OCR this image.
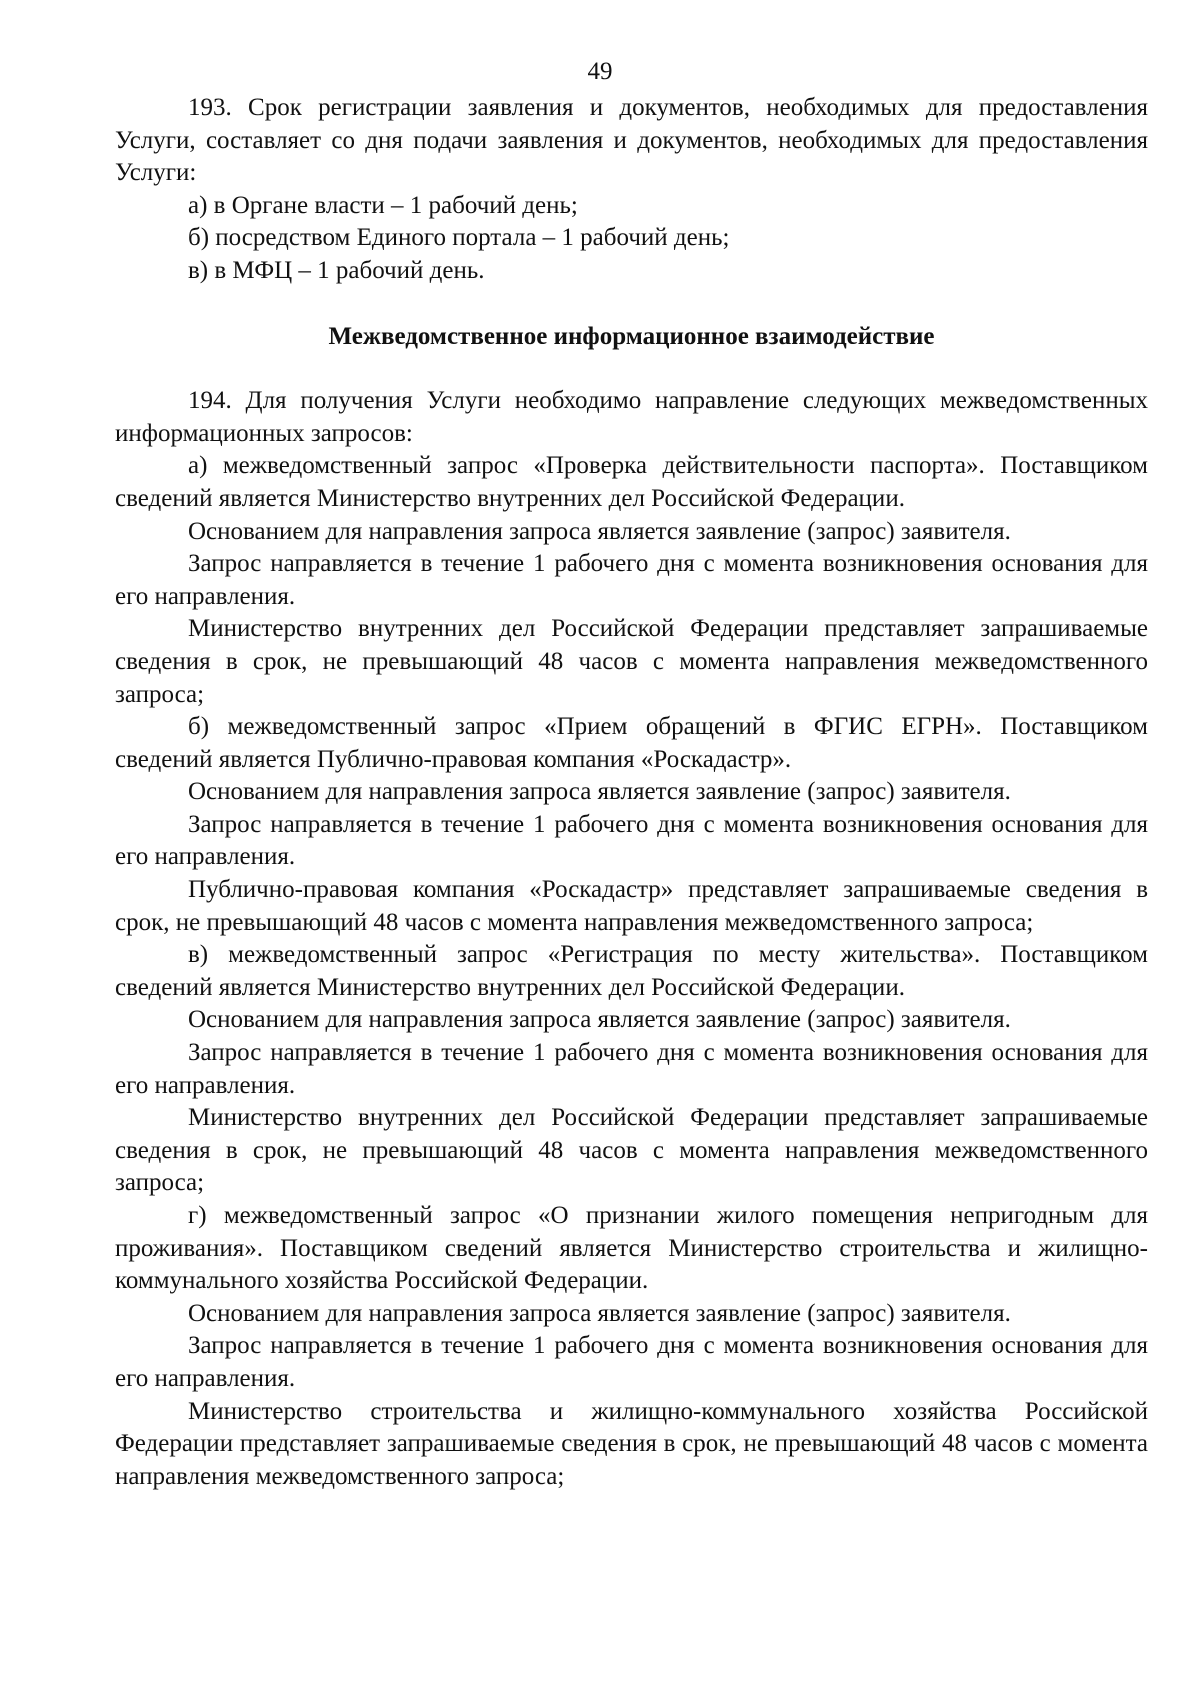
49

193. Срок регистрации заявления и документов, необходимых для предоставления Услуги, составляет со дня подачи заявления и документов, необходимых для предоставления Услуги:

а) в Органе власти – 1 рабочий день;

б) посредством Единого портала – 1 рабочий день;

в) в МФЦ – 1 рабочий день.

Межведомственное информационное взаимодействие

194. Для получения Услуги необходимо направление следующих межведомственных информационных запросов:

а) межведомственный запрос «Проверка действительности паспорта». Поставщиком сведений является Министерство внутренних дел Российской Федерации.

Основанием для направления запроса является заявление (запрос) заявителя.

Запрос направляется в течение 1 рабочего дня с момента возникновения основания для его направления.

Министерство внутренних дел Российской Федерации представляет запрашиваемые сведения в срок, не превышающий 48 часов с момента направления межведомственного запроса;

б) межведомственный запрос «Прием обращений в ФГИС ЕГРН». Поставщиком сведений является Публично-правовая компания «Роскадастр».

Основанием для направления запроса является заявление (запрос) заявителя.

Запрос направляется в течение 1 рабочего дня с момента возникновения основания для его направления.

Публично-правовая компания «Роскадастр» представляет запрашиваемые сведения в срок, не превышающий 48 часов с момента направления межведомственного запроса;

в) межведомственный запрос «Регистрация по месту жительства». Поставщиком сведений является Министерство внутренних дел Российской Федерации.

Основанием для направления запроса является заявление (запрос) заявителя.

Запрос направляется в течение 1 рабочего дня с момента возникновения основания для его направления.

Министерство внутренних дел Российской Федерации представляет запрашиваемые сведения в срок, не превышающий 48 часов с момента направления межведомственного запроса;

г) межведомственный запрос «О признании жилого помещения непригодным для проживания». Поставщиком сведений является Министерство строительства и жилищно-коммунального хозяйства Российской Федерации.

Основанием для направления запроса является заявление (запрос) заявителя.

Запрос направляется в течение 1 рабочего дня с момента возникновения основания для его направления.

Министерство строительства и жилищно-коммунального хозяйства Российской Федерации представляет запрашиваемые сведения в срок, не превышающий 48 часов с момента направления межведомственного запроса;
